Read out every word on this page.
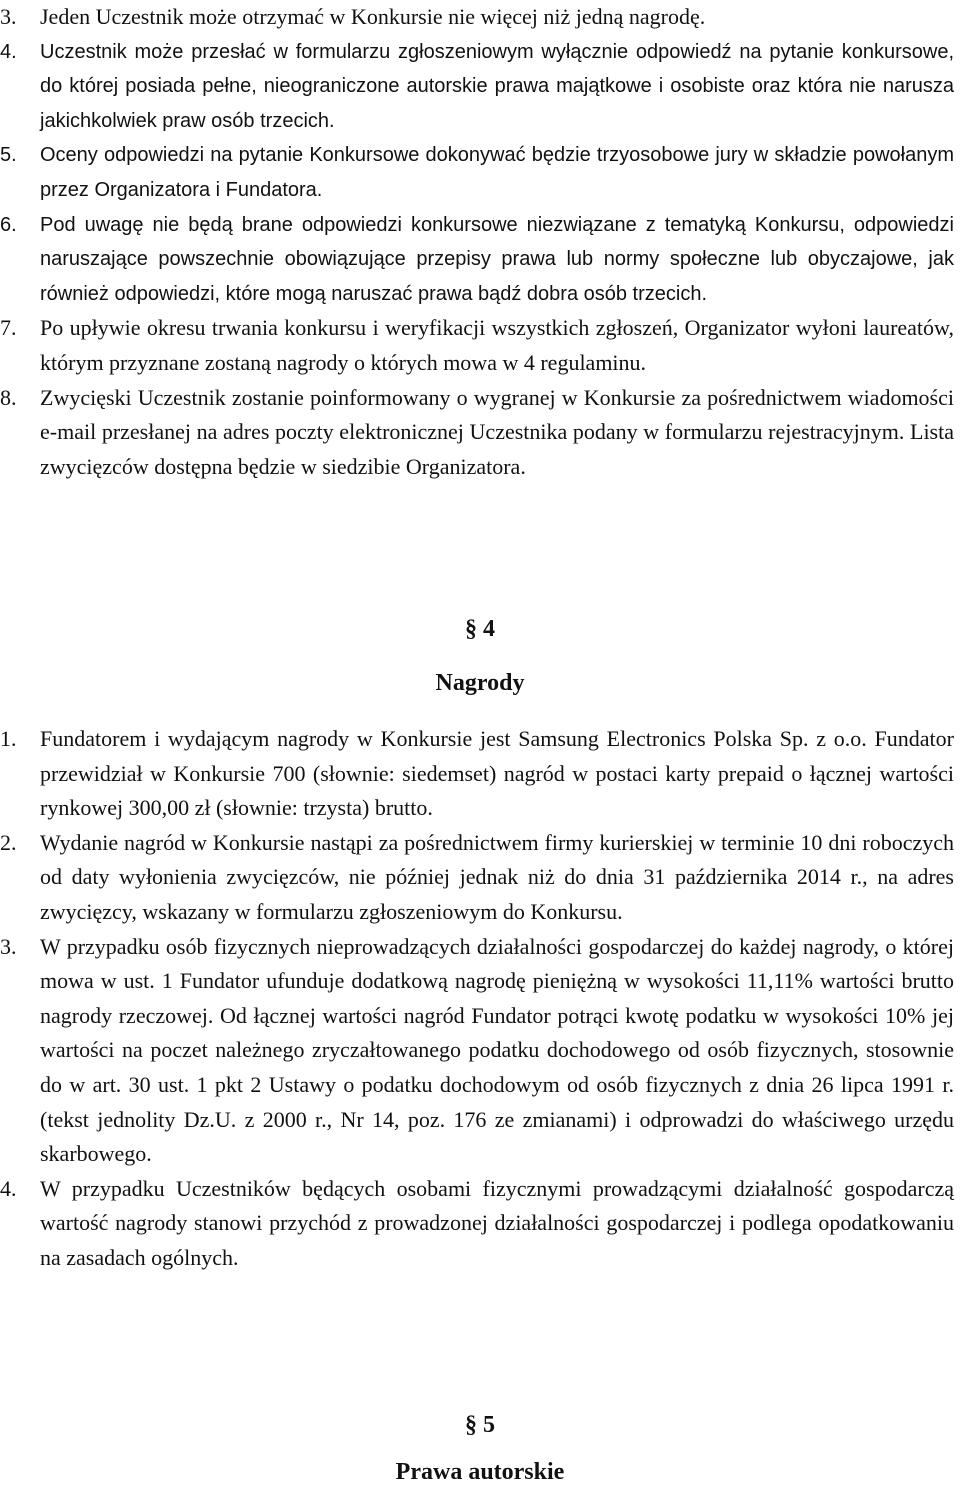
3.	Jeden Uczestnik może otrzymać w Konkursie nie więcej niż jedną nagrodę.
4.	Uczestnik może przesłać w formularzu zgłoszeniowym wyłącznie odpowiedź na pytanie konkursowe, do której posiada pełne, nieograniczone autorskie prawa majątkowe i osobiste oraz która nie narusza jakichkolwiek praw osób trzecich.
5.	Oceny odpowiedzi na pytanie Konkursowe dokonywać będzie trzyosobowe jury w składzie powołanym przez Organizatora i Fundatora.
6.	Pod uwagę nie będą brane odpowiedzi konkursowe niezwiązane z tematyką Konkursu, odpowiedzi naruszające powszechnie obowiązujące przepisy prawa lub normy społeczne lub obyczajowe, jak również odpowiedzi, które mogą naruszać prawa bądź dobra osób trzecich.
7.	Po upływie okresu trwania konkursu i weryfikacji wszystkich zgłoszeń, Organizator wyłoni laureatów, którym przyznane zostaną nagrody o których mowa w 4 regulaminu.
8.	Zwycięski Uczestnik zostanie poinformowany o wygranej w Konkursie za pośrednictwem wiadomości e-mail przesłanej na adres poczty elektronicznej Uczestnika podany w formularzu rejestracyjnym. Lista zwycięzców dostępna będzie w siedzibie Organizatora.
§ 4
Nagrody
1.	Fundatorem i wydającym nagrody w Konkursie jest Samsung Electronics Polska Sp. z o.o. Fundator przewidział w Konkursie 700 (słownie: siedemset) nagród w postaci karty prepaid o łącznej wartości rynkowej 300,00 zł (słownie: trzysta) brutto.
2.	Wydanie nagród w Konkursie nastąpi za pośrednictwem firmy kurierskiej w terminie 10 dni roboczych od daty wyłonienia zwycięzców, nie później jednak niż do dnia 31 października 2014 r., na adres zwycięzcy, wskazany w formularzu zgłoszeniowym do Konkursu.
3.	W przypadku osób fizycznych nieprowadzących działalności gospodarczej do każdej nagrody, o której mowa w ust. 1 Fundator ufunduje dodatkową nagrodę pieniężną w wysokości 11,11% wartości brutto nagrody rzeczowej. Od łącznej wartości nagród Fundator potrąci kwotę podatku w wysokości 10% jej wartości na poczet należnego zryczałtowanego podatku dochodowego od osób fizycznych, stosownie do w art. 30 ust. 1 pkt 2 Ustawy o podatku dochodowym od osób fizycznych z dnia 26 lipca 1991 r. (tekst jednolity Dz.U. z 2000 r., Nr 14, poz. 176 ze zmianami) i odprowadzi do właściwego urzędu skarbowego.
4.	W przypadku Uczestników będących osobami fizycznymi prowadzącymi działalność gospodarczą wartość nagrody stanowi przychód z prowadzonej działalności gospodarczej i podlega opodatkowaniu na zasadach ogólnych.
§ 5
Prawa autorskie
